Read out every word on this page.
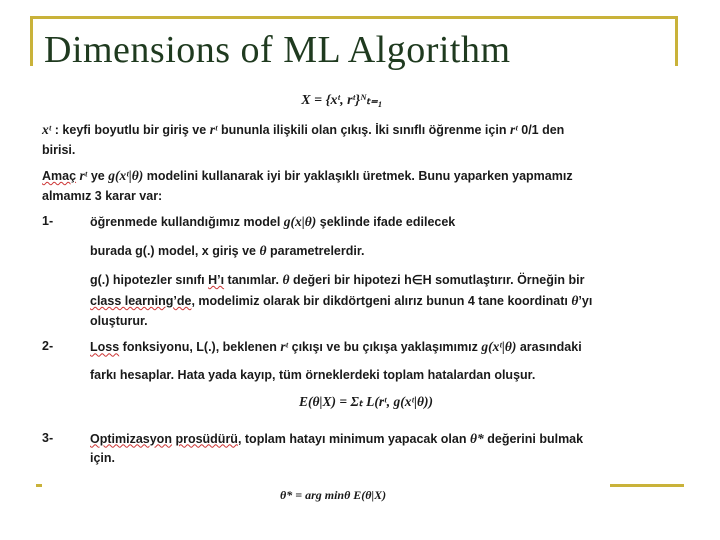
Dimensions of ML Algorithm
X = {xᵗ, rᵗ}ᴺₜ₌₁
xᵗ : keyfi boyutlu bir giriş ve rᵗ bununla ilişkili olan çıkış. İki sınıflı öğrenme için rᵗ 0/1 den
birisi.
Amaç rᵗ ye g(xᵗ|θ) modelini kullanarak iyi bir yaklaşıklı üretmek. Bunu yaparken yapmamız
almamız 3 karar var:
1-	öğrenmede kullandığımız model g(x|θ) şeklinde ifade edilecek
burada g(.) model, x giriş ve θ parametrelerdir.
g(.) hipotezler sınıfı H’ı tanımlar. θ değeri bir hipotezi h∈H somutlaştırır. Örneğin bir
class learning’de, modelimiz olarak bir dikdörtgeni alırız bunun 4 tane koordinatı θ’yı
oluşturur.
2-	Loss fonksiyonu, L(.), beklenen rᵗ çıkışı ve bu çıkışa yaklaşımımız g(xᵗ|θ) arasındaki
farkı hesaplar. Hata yada kayıp, tüm örneklerdeki toplam hatalardan oluşur.
E(θ|X) = Σₜ L(rᵗ, g(xᵗ|θ))
3-	Optimizasyon prosüdürü, toplam hatayı minimum yapacak olan θ* değerini bulmak
için.
θ* = arg minθ E(θ|X)
